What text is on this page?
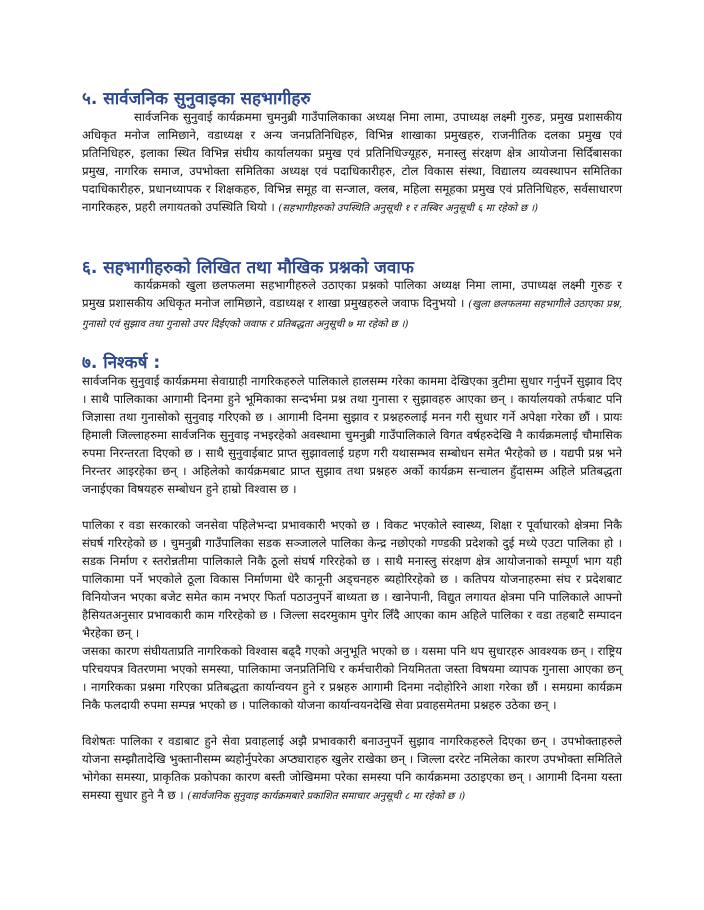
५. सार्वजनिक सुनुवाइका सहभागीहरु

सार्वजनिक सुनुवाई कार्यक्रममा चुमनुब्री गाउँपालिकाका अध्यक्ष निमा लामा, उपाध्यक्ष लक्ष्मी गुरुङ, प्रमुख प्रशासकीय अधिकृत मनोज लामिछाने, वडाध्यक्ष र अन्य जनप्रतिनिधिहरु, विभिन्न शाखाका प्रमुखहरु, राजनीतिक दलका प्रमुख एवं प्रतिनिधिहरु, इलाका स्थित विभिन्न संघीय कार्यालयका प्रमुख एवं प्रतिनिधिज्यूहरु, मनास्लु संरक्षण क्षेत्र आयोजना सिर्दिबासका प्रमुख, नागरिक समाज, उपभोक्ता समितिका अध्यक्ष एवं पदाधिकारीहरु, टोल विकास संस्था, विद्यालय व्यवस्थापन समितिका पदाधिकारीहरु, प्रधानध्यापक र शिक्षकहरु, विभिन्न समूह वा सन्जाल, क्लब, महिला समूहका प्रमुख एवं प्रतिनिधिहरु, सर्वसाधारण नागरिकहरु, प्रहरी लगायतको उपस्थिति थियो । (सहभागीहरुको उपस्थिति अनुसूची १ र तस्बिर अनुसूची ६ मा रहेको छ ।)

६. सहभागीहरुको लिखित तथा मौखिक प्रश्नको जवाफ

कार्यक्रमको खुला छलफलमा सहभागीहरुले उठाएका प्रश्नको पालिका अध्यक्ष निमा लामा, उपाध्यक्ष लक्ष्मी गुरुङ र प्रमुख प्रशासकीय अधिकृत मनोज लामिछाने, वडाध्यक्ष र शाखा प्रमुखहरुले जवाफ दिनुभयो । (खुला छलफलमा सहभागीले उठाएका प्रश्न, गुनासो एवं सुझाव तथा गुनासो उपर दिईएको जवाफ र प्रतिबद्धता अनुसूची ७ मा रहेको छ ।)

७. निश्कर्ष :

सार्वजनिक सुनुवाई कार्यक्रममा सेवाग्राही नागरिकहरुले पालिकाले हालसम्म गरेका काममा देखिएका त्रुटीमा सुधार गर्नुपर्ने सुझाव दिए । साथै पालिकाका आगामी दिनमा हुने भूमिकाका सन्दर्भमा प्रश्न तथा गुनासा र सुझावहरु आएका छन् । कार्यालयको तर्फबाट पनि जिज्ञासा तथा गुनासोको सुनुवाइ गरिएको छ । आगामी दिनमा सुझाव र प्रश्नहरुलाई मनन गरी सुधार गर्ने अपेक्षा गरेका छौं । प्रायः हिमाली जिल्लाहरुमा सार्वजनिक सुनुवाइ नभइरहेको अवस्थामा चुमनुब्री गाउँपालिकाले विगत वर्षहरुदेखि नै कार्यक्रमलाई चौमासिक रुपमा निरन्तरता दिएको छ । साथै सुनुवाईबाट प्राप्त सुझावलाई ग्रहण गरी यथासम्भव सम्बोधन समेत भैरहेको छ । यद्यपी प्रश्न भने निरन्तर आइरहेका छन् । अहिलेको कार्यक्रमबाट प्राप्त सुझाव तथा प्रश्नहरु अर्को कार्यक्रम सन्चालन हुँदासम्म अहिले प्रतिबद्धता जनाईएका विषयहरु सम्बोधन हुने हाम्रो विश्वास छ ।

पालिका र वडा सरकारको जनसेवा पहिलेभन्दा प्रभावकारी भएको छ । विकट भएकोले स्वास्थ्य, शिक्षा र पूर्वाधारको क्षेत्रमा निकै संघर्ष गरिरहेको छ । चुमनुब्री गाउँपालिका सडक सञ्जालले पालिका केन्द्र नछोएको गण्डकी प्रदेशको दुई मध्ये एउटा पालिका हो । सडक निर्माण र स्तरोन्नतीमा पालिकाले निकै ठूलो संघर्ष गरिरहेको छ । साथै मनास्लु संरक्षण क्षेत्र आयोजनाको सम्पूर्ण भाग यही पालिकामा पर्ने भएकोले ठूला विकास निर्माणमा धेरै कानूनी अड्चनहरु ब्यहोरिरहेको छ । कतिपय योजनाहरुमा संघ र प्रदेशबाट विनियोजन भएका बजेट समेत काम नभएर फिर्ता पठाउनुपर्ने बाध्यता छ । खानेपानी, विद्युत लगायत क्षेत्रमा पनि पालिकाले आफ्नो हैसियतअनुसार प्रभावकारी काम गरिरहेको छ । जिल्ला सदरमुकाम पुगेर लिँदै आएका काम अहिले पालिका र वडा तहबाटै सम्पादन भैरहेका छन् ।

जसका कारण संघीयताप्रति नागरिकको विश्वास बढ्दै गएको अनुभूति भएको छ । यसमा पनि थप सुधारहरु आवश्यक छन् । राष्ट्रिय परिचयपत्र वितरणमा भएको समस्या, पालिकामा जनप्रतिनिधि र कर्मचारीको नियमितता जस्ता विषयमा व्यापक गुनासा आएका छन् । नागरिकका प्रश्नमा गरिएका प्रतिबद्धता कार्यान्वयन हुने र प्रश्नहरु आगामी दिनमा नदोहोरिने आशा गरेका छौं । समग्रमा कार्यक्रम निकै फलदायी रुपमा सम्पन्न भएको छ । पालिकाको योजना कार्यान्वयनदेखि सेवा प्रवाहसमेतमा प्रश्नहरु उठेका छन् ।

विशेषतः पालिका र वडाबाट हुने सेवा प्रवाहलाई अझै प्रभावकारी बनाउनुपर्ने सुझाव नागरिकहरुले दिएका छन् । उपभोक्ताहरुले योजना सम्झौतादेखि भुक्तानीसम्म ब्यहोर्नुपरेका अप्ठ्याराहरु खुलेर राखेका छन् । जिल्ला दररेट नमिलेका कारण उपभोक्ता समितिले भोगेका समस्या, प्राकृतिक प्रकोपका कारण बस्ती जोखिममा परेका समस्या पनि कार्यक्रममा उठाइएका छन् । आगामी दिनमा यस्ता समस्या सुधार हुने नै छ । (सार्वजनिक सुनुवाइ कार्यक्रमबारे प्रकाशित समाचार अनुसूची ८ मा रहेको छ ।)
